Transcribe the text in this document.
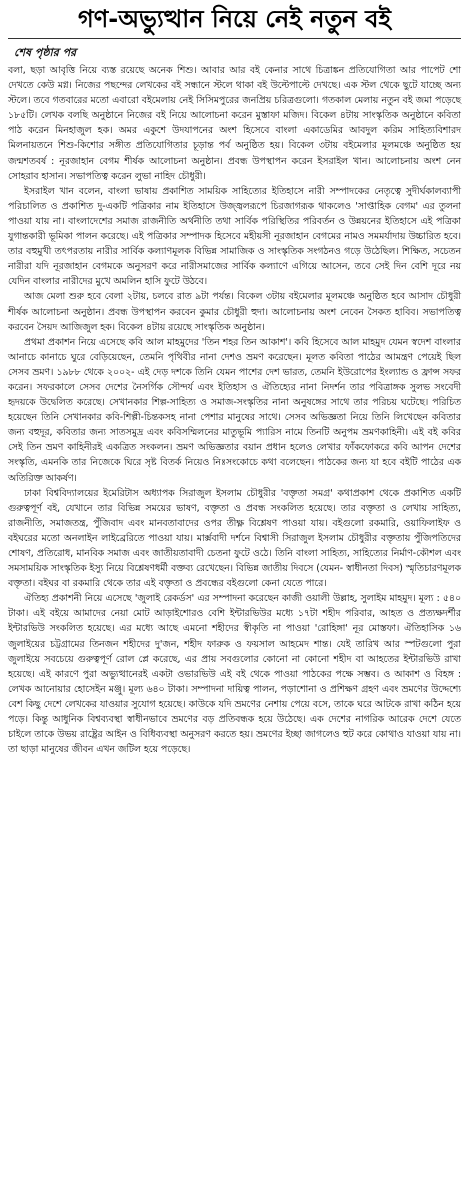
গণ-অভ্যুত্থান নিয়ে নেই নতুন বই
শেষ পৃষ্ঠার পর

বলা, ছড়া আবৃত্তি নিয়ে ব্যস্ত রয়েছে অনেক শিশু। আবার আর বই কেনার সাথে চিত্রাঙ্কন প্রতিযোগিতা আর পাপেট শো দেখতে কেউ মগ্ন। নিজের পছন্দের লেখকের বই সন্ধানে স্টলে থাকা বই উল্টেপাল্টে দেখছে। এক স্টল থেকে ছুটে যাচ্ছে অন্য স্টলে। তবে গতবারের মতো এবারো বইমেলায় নেই সিসিমপুরের জনপ্রিয় চরিত্রগুলো। গতকাল মেলায় নতুন বই জমা পড়েছে ১৮৫টি। লেখক বলছি অনুষ্ঠানে নিজের বই নিয়ে আলোচনা করেন মুস্তাফা মজিদ। বিকেল ৪টায় সাংস্কৃতিক অনুষ্ঠানে কবিতা পাঠ করেন মিনহাজুল হক। অমর একুশে উদযাপনের অংশ হিসেবে বাংলা একাডেমির আবদুল করিম সাহিত্যবিশারদ মিলনায়তনে শিশু-কিশোর সঙ্গীত প্রতিযোগিতার চূড়ান্ত পর্ব অনুষ্ঠিত হয়। বিকেল ৩টায় বইমেলার মূলমঞ্চে অনুষ্ঠিত হয় জন্মশতবর্ষ : নূরজাহান বেগম শীর্ষক আলোচনা অনুষ্ঠান। প্রবন্ধ উপস্থাপন করেন ইসরাইল খান। আলোচনায় অংশ নেন সোহরাব হাসান। সভাপতিত্ব করেন লুভা নাহিদ চৌধুরী।

ইসরাইল খান বলেন, বাংলা ভাষায় প্রকাশিত সাময়িক সাহিত্যের ইতিহাসে নারী সম্পাদকের নেতৃত্বে সুদীর্ঘকালব্যাপী পরিচালিত ও প্রকাশিত দু-একটি পত্রিকার নাম ইতিহাসে উজ্জ্বলরূপে চিরজাগরূক থাকলেও 'সাপ্তাহিক বেগম' এর তুলনা পাওয়া যায় না। বাংলাদেশের সমাজ রাজনীতি অর্থনীতি তথা সার্বিক পরিস্থিতির পরিবর্তন ও উন্নয়নের ইতিহাসে এই পত্রিকা যুগান্তকারী ভূমিকা পালন করেছে। এই পত্রিকার সম্পাদক হিসেবে মহীয়সী নূরজাহান বেগমের নামও সমমর্যাদায় উচ্চারিত হবে। তার বহুমুখী তৎপরতায় নারীর সার্বিক কল্যাণমূলক বিভিন্ন সামাজিক ও সাংস্কৃতিক সংগঠনও গড়ে উঠেছিল। শিক্ষিত, সচেতন নারীরা যদি নূরজাহান বেগমকে অনুসরণ করে নারীসমাজের সার্বিক কল্যাণে এগিয়ে আসেন, তবে সেই দিন বেশি দূরে নয় যেদিন বাংলার নারীদের মুখে অমলিন হাসি ফুটে উঠবে।

আজ মেলা শুরু হবে বেলা ২টায়, চলবে রাত ৯টা পর্যন্ত। বিকেল ৩টায় বইমেলার মূলমঞ্চে অনুষ্ঠিত হবে আসাদ চৌধুরী শীর্ষক আলোচনা অনুষ্ঠান। প্রবন্ধ উপস্থাপন করবেন কুমার চৌধুরী হুদা। আলোচনায় অংশ নেবেন সৈকত হাবিব। সভাপতিত্ব করবেন সৈয়দ আজিজুল হক। বিকেল ৪টায় রয়েছে সাংস্কৃতিক অনুষ্ঠান।

প্রথমা প্রকাশন নিয়ে এসেছে কবি আল মাহমুদের 'তিন শহর তিন আকাশ'। কবি হিসেবে আল মাহমুদ যেমন স্বদেশ বাংলার আনাচে কানাচে ঘুরে বেড়িয়েছেন, তেমনি পৃথিবীর নানা দেশও ভ্রমণ করেছেন। মূলত কবিতা পাঠের আমন্ত্রণ পেয়েই ছিল সেসব ভ্রমণ। ১৯৮৮ থেকে ২০০২- এই দেড় দশকে তিনি যেমন পাশের দেশ ভারত, তেমনি ইউরোপের ইংল্যান্ড ও ফ্রান্স সফর করেন। সফরকালে সেসব দেশের নৈসর্গিক সৌন্দর্য এবং ইতিহাস ও ঐতিহ্যের নানা নিদর্শন তার পবিত্রাঙ্গক সুলভ সংবেদী হৃদয়কে উদ্বেলিত করেছে। সেখানকার শিল্প-সাহিত্য ও সমাজ-সংস্কৃতির নানা অনুষঙ্গের সাথে তার পরিচয় ঘটেছে। পরিচিত হয়েছেন তিনি সেখানকার কবি-শিল্পী-চিন্তকসহ নানা পেশার মানুষের সাথে। সেসব অভিজ্ঞতা নিয়ে তিনি লিখেছেন কবিতার জন্য বহুদূর, কবিতার জন্য সাতসমুদ্র এবং কবিসম্মিলনের মাতুভূমি প্যারিস নামে তিনটি অনুপম ভ্রমণকাহিনী। এই বই কবির সেই তিন ভ্রমণ কাহিনীরই একত্রিত সংকলন। ভ্রমণ অভিজ্ঞতার বয়ান প্রধান হলেও লেখার ফাঁকফোকরে কবি আপন দেশের সংস্কৃতি, এমনকি তার নিজেকে ঘিরে সৃষ্ট বিতর্ক নিয়েও নিঃসংকোচে কথা বলেছেন। পাঠকের জন্য যা হবে বইটি পাঠের এক অতিরিক্ত আকর্ষণ।

ঢাকা বিশ্ববিদ্যালয়ের ইমেরিটাস অধ্যাপক সিরাজুল ইসলাম চৌধুরীর 'বক্তৃতা সমগ্র' কথাপ্রকাশ থেকে প্রকাশিত একটি গুরুত্বপূর্ণ বই, যেখানে তার বিভিন্ন সময়ের ভাষণ, বক্তৃতা ও প্রবন্ধ সংকলিত হয়েছে। তার বক্তৃতা ও লেখায় সাহিত্য, রাজনীতি, সমাজতন্ত্র, পুঁজিবাদ এবং মানবতাবাদের ওপর তীক্ষ্ণ বিশ্লেষণ পাওয়া যায়। বইগুলো রকমারি, ওয়াফিলাইফ ও বইঘরের মতো অনলাইন লাইব্রেরিতে পাওয়া যায়। মার্ক্সবাদী দর্শনে বিশ্বাসী সিরাজুল ইসলাম চৌধুরীর বক্তৃতায় পুঁজিপতিদের শোষণ, প্রতিরোধ, মানবিক সমাজ এবং জাতীয়তাবাদী চেতনা ফুটে ওঠে। তিনি বাংলা সাহিত্য, সাহিত্যের নির্মাণ-কৌশল এবং সমসাময়িক সাংস্কৃতিক ইস্যু নিয়ে বিশ্লেষণধর্মী বক্তব্য রেখেছেন। বিভিন্ন জাতীয় দিবসে (যেমন- স্বাধীনতা দিবস) স্মৃতিচারণমূলক বক্তৃতা। বইঘর বা রকমারি থেকে তার এই বক্তৃতা ও প্রবন্ধের বইগুলো কেনা যেতে পারে।

ঐতিহ্য প্রকাশনী নিয়ে এসেছে 'জুলাই রেকর্ডস' এর সম্পাদনা করেছেন কাজী ওয়ালী উল্লাহ, সুলাইম মাহমুদ। মূল্য : ৫৪০ টাকা। এই বইয়ে আমাদের নেয়া মোট আড়াইশোরও বেশি ইন্টারভিউর মধ্যে ১৭টা শহীদ পরিবার, আহত ও প্রত্যক্ষদর্শীর ইন্টারভিউ সংকলিত হয়েছে। এর মধ্যে আছে এমনো শহীদের স্বীকৃতি না পাওয়া 'রোহিঙ্গা' নূর মোস্তফা। ঐতিহাসিক ১৬ জুলাইয়ের চট্টগ্রামের তিনজন শহীদের দু'জন, শহীদ ফারুক ও ফয়সাল আহমেদ শান্ত। যেই তারিখ আর স্পটগুলো পুরা জুলাইয়ে সবচেয়ে গুরুত্বপূর্ণ রোল প্লে করেছে, এর প্রায় সবগুলোর কোনো না কোনো শহীদ বা আহতের ইন্টারভিউ রাখা হয়েছে। এই কারণে পুরা অভ্যুত্থানেরই একটা ওভারভিউ এই বই থেকে পাওয়া পাঠকের পক্ষে সম্ভব। ও আকাশ ও বিহঙ্গ : লেখক আনোয়ার হোসেইন মঞ্জু। মূল্য ৬৪০ টাকা। সম্পাদনা দায়িত্ব পালন, পড়াশোনা ও প্রশিক্ষণ গ্রহণ এবং ভ্রমণের উদ্দেশ্যে বেশ কিছু দেশে লেখকের যাওয়ার সুযোগ হয়েছে। কাউকে যদি ভ্রমণের নেশায় পেয়ে বসে, তাকে ঘরে আটকে রাখা কঠিন হয়ে পড়ে। কিন্তু আধুনিক বিশ্বব্যবস্থা স্বাধীনভাবে ভ্রমণের বড় প্রতিবন্ধক হয়ে উঠেছে। এক দেশের নাগরিক আরেক দেশে যেতে চাইলে তাকে উভয় রাষ্ট্রের আইন ও বিধিব্যবস্থা অনুসরণ করতে হয়। ভ্রমণের ইচ্ছা জাগলেও হুট করে কোথাও যাওয়া যায় না। তা ছাড়া মানুষের জীবন এখন জটিল হয়ে পড়েছে।
